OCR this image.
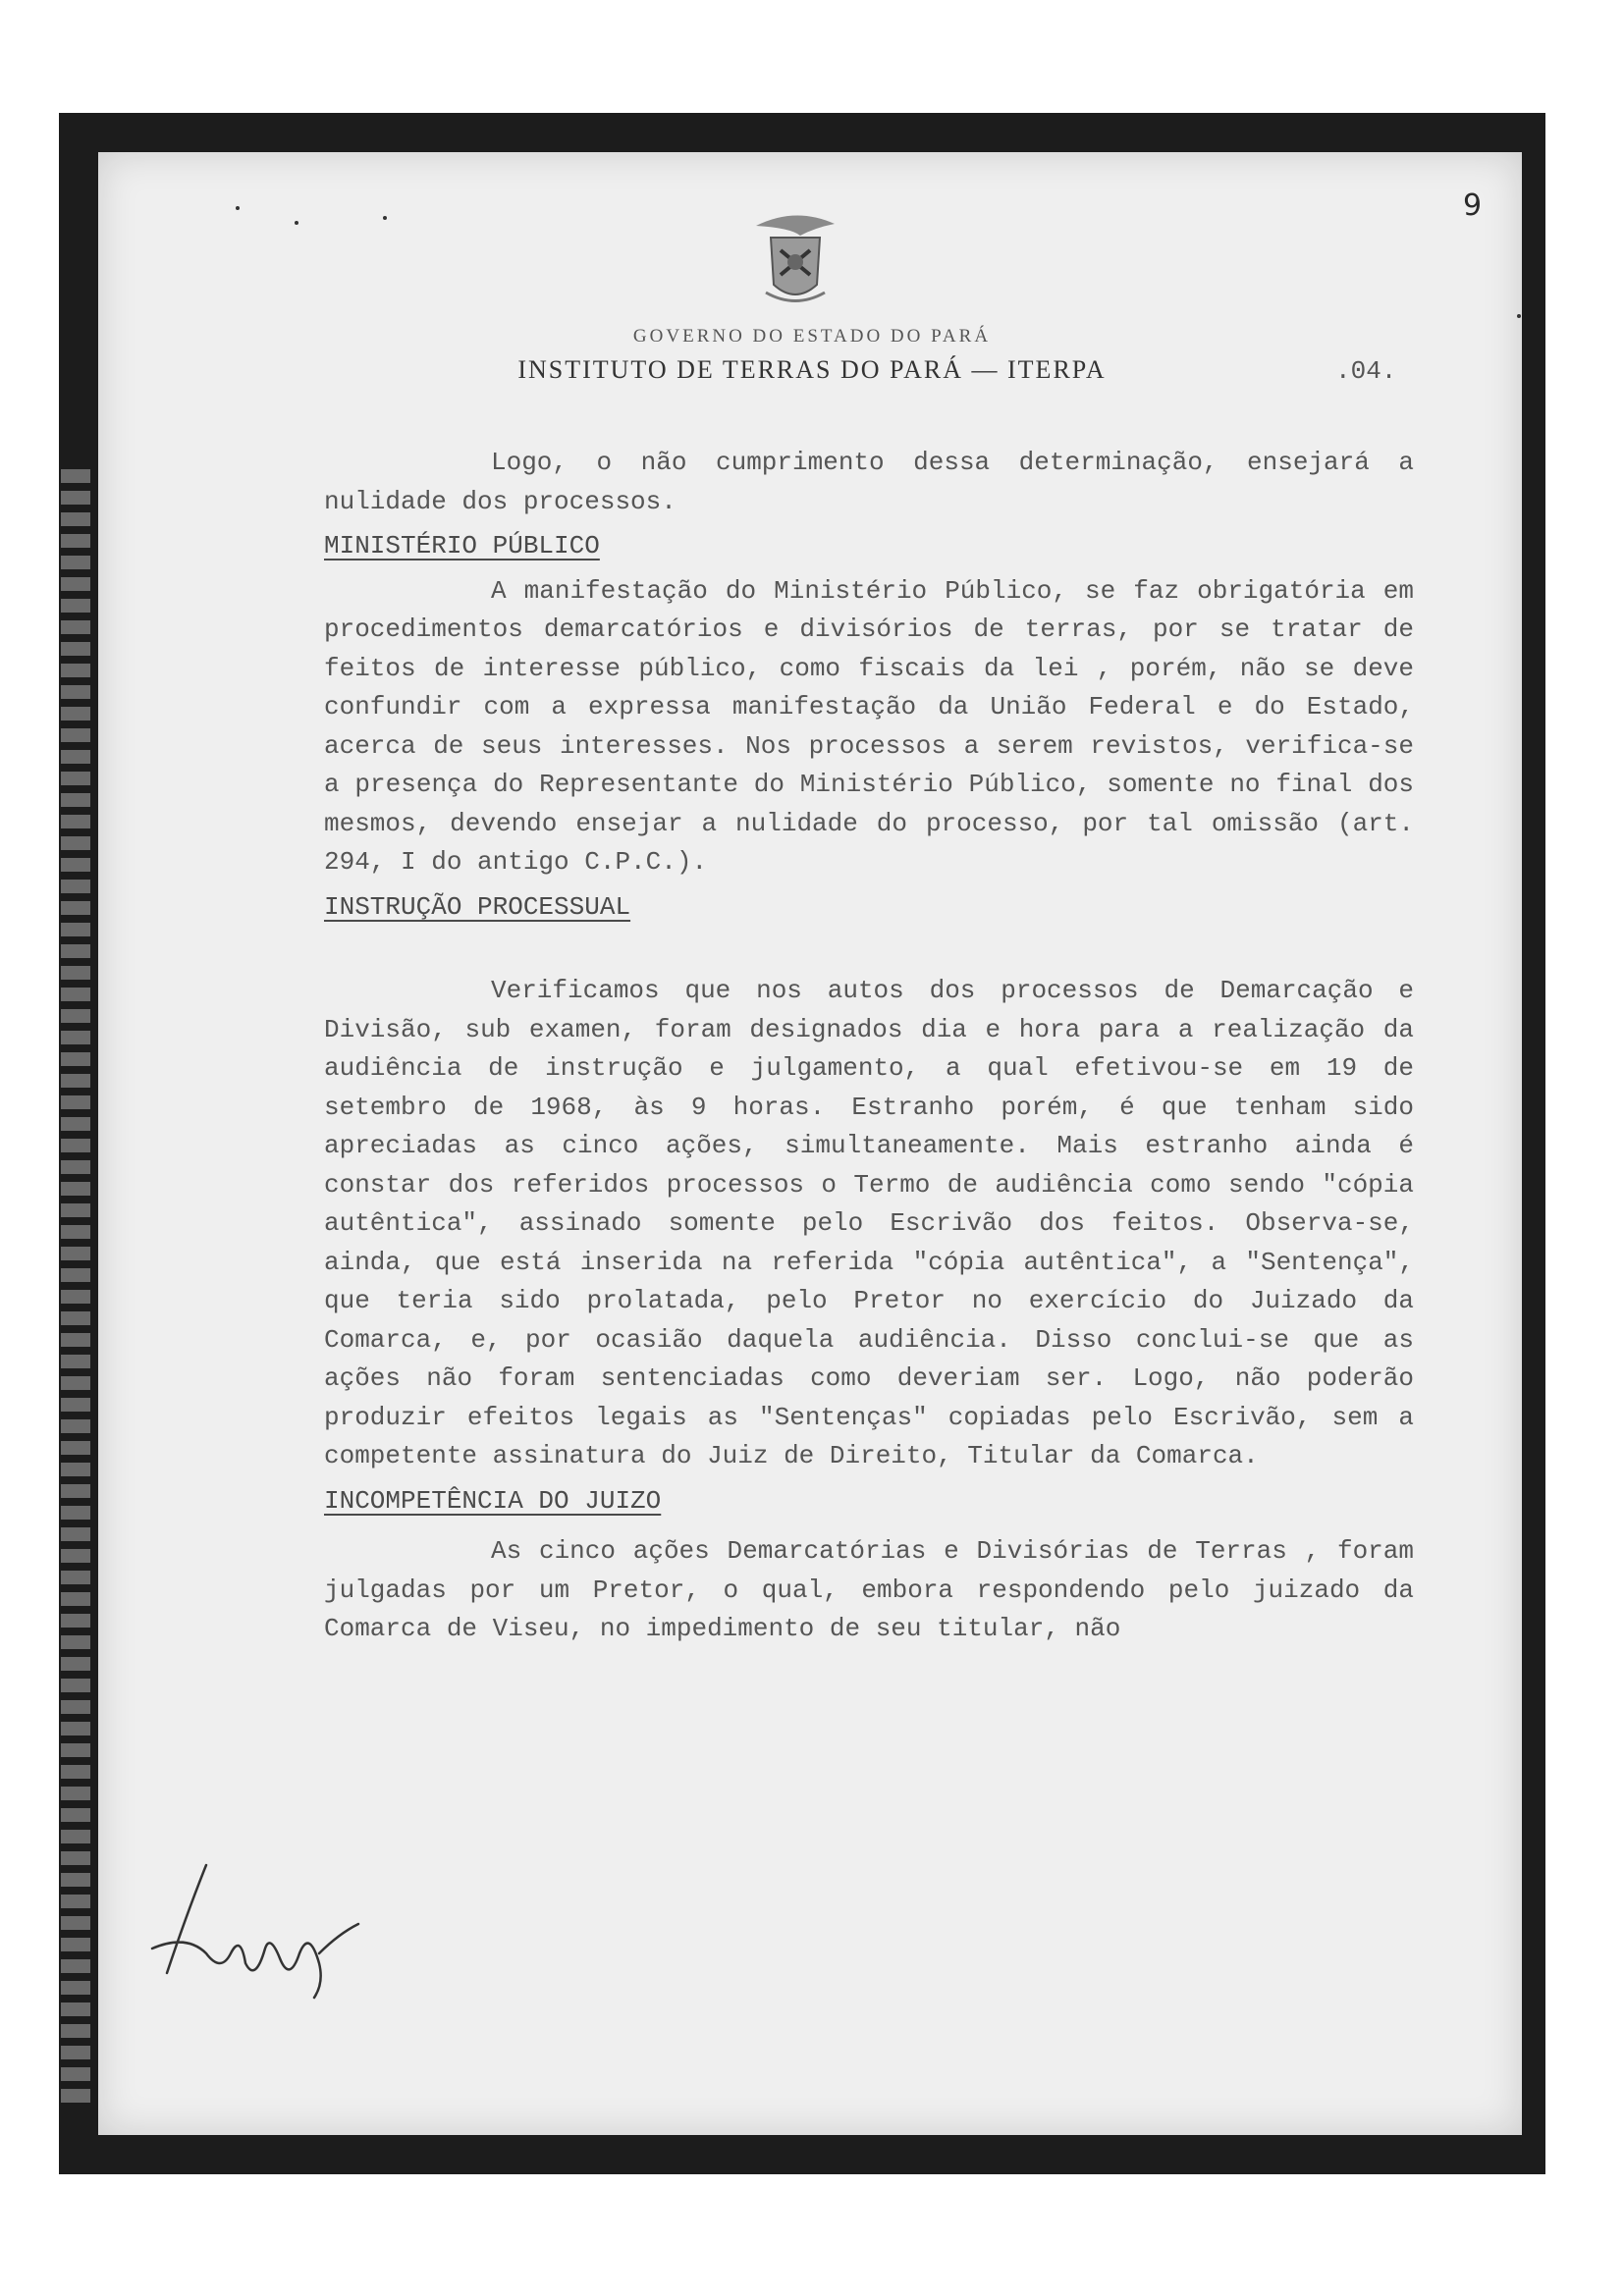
9
GOVERNO DO ESTADO DO PARÁ
INSTITUTO DE TERRAS DO PARÁ — ITERPA	.04.

Logo, o não cumprimento dessa determinação, ensejará a nulidade dos processos.

MINISTÉRIO PÚBLICO

A manifestação do Ministério Público, se faz obrigatória em procedimentos demarcatórios e divisórios de terras, por se tratar de feitos de interesse público, como fiscais da lei , porém, não se deve confundir com a expressa manifestação da União Federal e do Estado, acerca de seus interesses. Nos processos a serem revistos, verifica-se a presença do Representante do Ministério Público, somente no final dos mesmos, devendo ensejar a nulidade do processo, por tal omissão (art. 294, I do antigo C.P.C.).

INSTRUÇÃO PROCESSUAL

Verificamos que nos autos dos processos de Demarcação e Divisão, sub examen, foram designados dia e hora para a realização da audiência de instrução e julgamento, a qual efetivou-se em 19 de setembro de 1968, às 9 horas. Estranho porém, é que tenham sido apreciadas as cinco ações, simultaneamente. Mais estranho ainda é constar dos referidos processos o Termo de audiência como sendo "cópia autêntica", assinado somente pelo Escrivão dos feitos. Observa-se, ainda, que está inserida na referida "cópia autêntica", a "Sentença", que teria sido prolatada, pelo Pretor no exercício do Juizado da Comarca, e, por ocasião daquela audiência. Disso conclui-se que as ações não foram sentenciadas como deveriam ser. Logo, não poderão produzir efeitos legais as "Sentenças" copiadas pelo Escrivão, sem a competente assinatura do Juiz de Direito, Titular da Comarca.

INCOMPETÊNCIA DO JUIZO

As cinco ações Demarcatórias e Divisórias de Terras , foram julgadas por um Pretor, o qual, embora respondendo pelo juizado da Comarca de Viseu, no impedimento de seu titular, não
